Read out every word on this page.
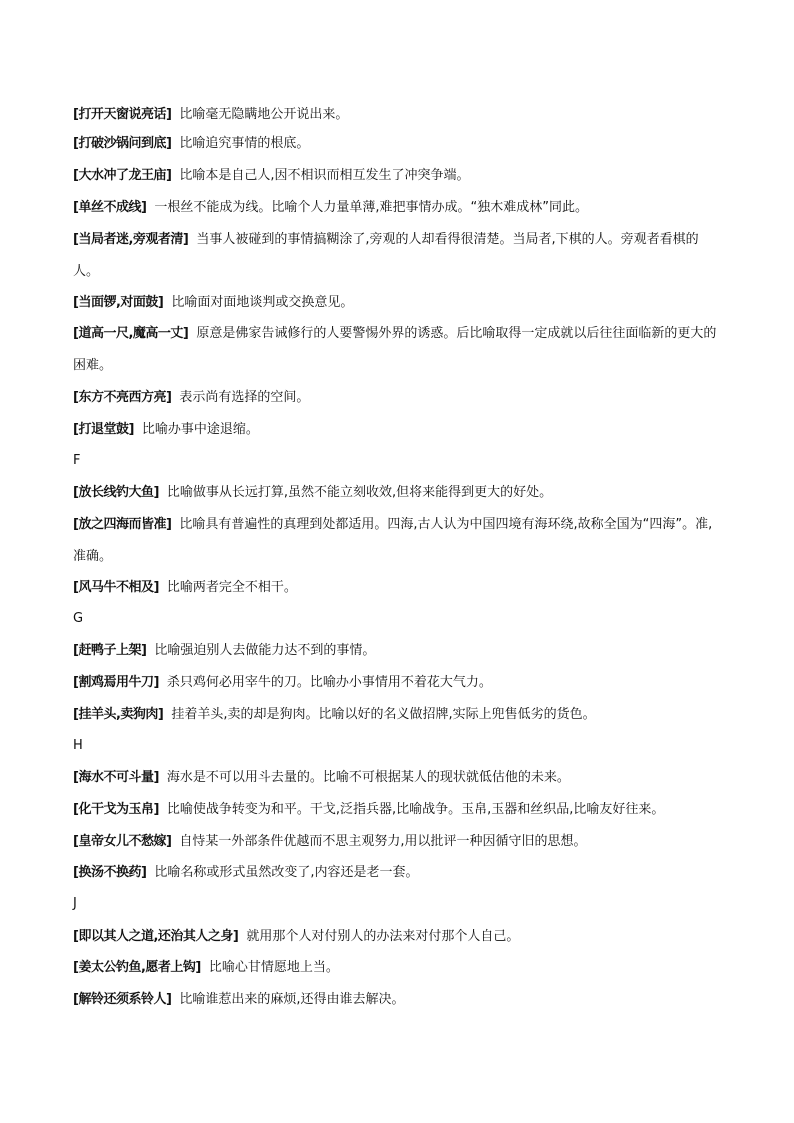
[打开天窗说亮话] 比喻毫无隐瞒地公开说出来。
[打破沙锅问到底] 比喻追究事情的根底。
[大水冲了龙王庙] 比喻本是自己人,因不相识而相互发生了冲突争端。
[单丝不成线] 一根丝不能成为线。比喻个人力量单薄,难把事情办成。“独木难成林”同此。
[当局者迷,旁观者清] 当事人被碰到的事情搞糊涂了,旁观的人却看得很清楚。当局者,下棋的人。旁观者看棋的人。
[当面锣,对面鼓] 比喻面对面地谈判或交换意见。
[道高一尺,魔高一丈] 原意是佛家告诫修行的人要警惕外界的诱惑。后比喻取得一定成就以后往往面临新的更大的困难。
[东方不亮西方亮] 表示尚有选择的空间。
[打退堂鼓] 比喻办事中途退缩。
F
[放长线钓大鱼] 比喻做事从长远打算,虽然不能立刻收效,但将来能得到更大的好处。
[放之四海而皆准] 比喻具有普遍性的真理到处都适用。四海,古人认为中国四境有海环绕,故称全国为“四海”。准,准确。
[风马牛不相及] 比喻两者完全不相干。
G
[赶鸭子上架] 比喻强迫别人去做能力达不到的事情。
[割鸡焉用牛刀] 杀只鸡何必用宰牛的刀。比喻办小事情用不着花大气力。
[挂羊头,卖狗肉] 挂着羊头,卖的却是狗肉。比喻以好的名义做招牌,实际上兜售低劣的货色。
H
[海水不可斗量] 海水是不可以用斗去量的。比喻不可根据某人的现状就低估他的未来。
[化干戈为玉帛] 比喻使战争转变为和平。干戈,泛指兵器,比喻战争。玉帛,玉器和丝织品,比喻友好往来。
[皇帝女儿不愁嫁] 自恃某一外部条件优越而不思主观努力,用以批评一种因循守旧的思想。
[换汤不换药] 比喻名称或形式虽然改变了,内容还是老一套。
J
[即以其人之道,还治其人之身] 就用那个人对付别人的办法来对付那个人自己。
[姜太公钓鱼,愿者上钩] 比喻心甘情愿地上当。
[解铃还须系铃人] 比喻谁惹出来的麻烦,还得由谁去解决。
